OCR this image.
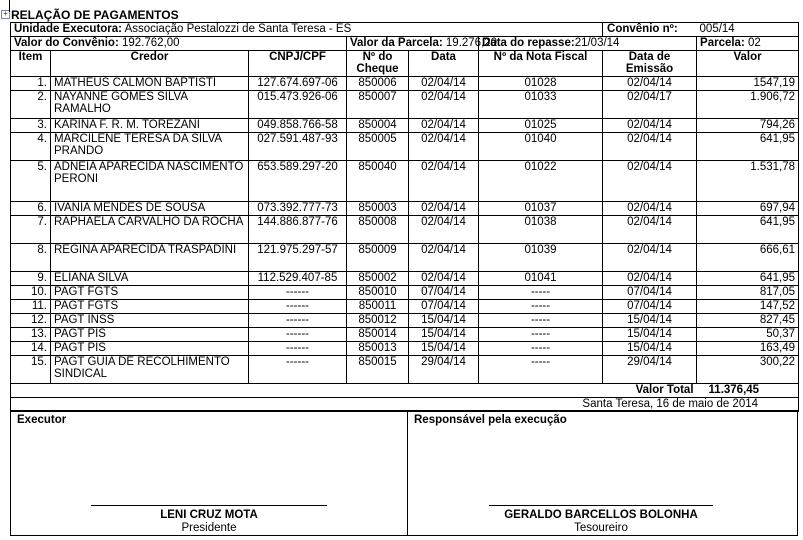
+ RELAÇÃO DE PAGAMENTOS
Unidade Executora: Associação Pestalozzi de Santa Teresa - ES						Convênio nº:	005/14
Valor do Convênio: 192.762,00			Valor da Parcela: 19.276,20		Data do repasse:21/03/14		Parcela: 02
Item	Credor	CNPJ/CPF	Nº do Cheque	Data	Nº da Nota Fiscal	Data de Emissão	Valor
1.	MATHEUS CALMON BAPTISTI	127.674.697-06	850006	02/04/14	01028	02/04/14	1547,19
2.	NAYANNE GOMES SILVA RAMALHO	015.473.926-06	850007	02/04/14	01033	02/04/17	1.906,72
3.	KARINA F. R. M. TOREZANI	049.858.766-58	850004	02/04/14	01025	02/04/14	794,26
4.	MARCILENE TERESA DA SILVA PRANDO	027.591.487-93	850005	02/04/14	01040	02/04/14	641,95
5.	ADNEIA APARECIDA NASCIMENTO PERONI	653.589.297-20	850040	02/04/14	01022	02/04/14	1.531,78
6.	IVANIA MENDES DE SOUSA	073.392.777-73	850003	02/04/14	01037	02/04/14	697,94
7.	RAPHAELA CARVALHO DA ROCHA	144.886.877-76	850008	02/04/14	01038	02/04/14	641,95
8.	REGINA APARECIDA TRASPADINI	121.975.297-57	850009	02/04/14	01039	02/04/14	666,61
9.	ELIANA SILVA	112.529.407-85	850002	02/04/14	01041	02/04/14	641,95
10.	PAGT FGTS	------	850010	07/04/14	-----	07/04/14	817,05
11.	PAGT FGTS	------	850011	07/04/14	-----	07/04/14	147,52
12.	PAGT INSS	------	850012	15/04/14	-----	15/04/14	827,45
13.	PAGT PIS	------	850014	15/04/14	-----	15/04/14	50,37
14.	PAGT PIS	------	850013	15/04/14	-----	15/04/14	163,49
15.	PAGT GUIA DE RECOLHIMENTO SINDICAL	------	850015	29/04/14	-----	29/04/14	300,22
						Valor Total	11.376,45
Santa Teresa, 16 de maio de 2014							
Executor	Responsável pela execução
LENI CRUZ MOTA
Presidente
GERALDO BARCELLOS BOLONHA
Tesoureiro
